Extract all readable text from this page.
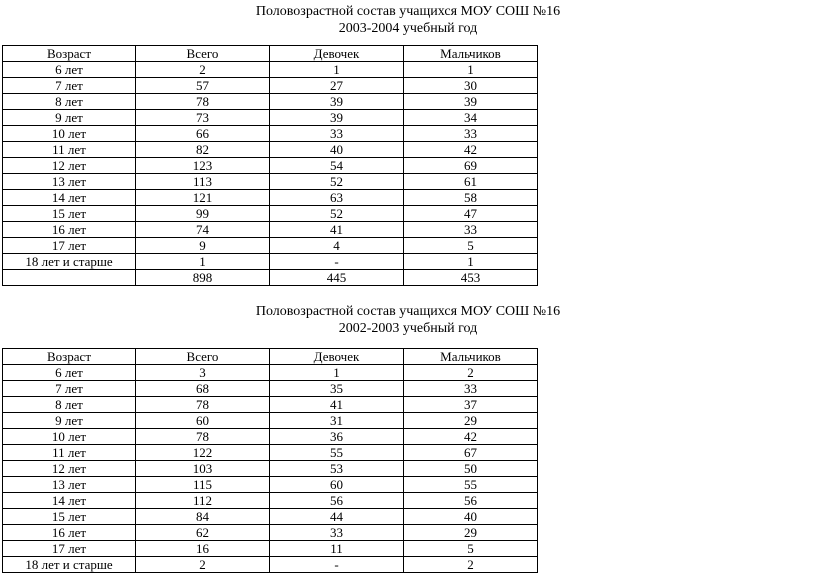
Половозрастной состав учащихся МОУ СОШ №16
2003-2004 учебный год
Возраст	Всего	Девочек	Мальчиков
6 лет	2	1	1
7 лет	57	27	30
8 лет	78	39	39
9 лет	73	39	34
10 лет	66	33	33
11 лет	82	40	42
12 лет	123	54	69
13 лет	113	52	61
14 лет	121	63	58
15 лет	99	52	47
16 лет	74	41	33
17 лет	9	4	5
18 лет и старше	1	-	1
	898	445	453
Половозрастной состав учащихся МОУ СОШ №16
2002-2003 учебный год
Возраст	Всего	Девочек	Мальчиков
6 лет	3	1	2
7 лет	68	35	33
8 лет	78	41	37
9 лет	60	31	29
10 лет	78	36	42
11 лет	122	55	67
12 лет	103	53	50
13 лет	115	60	55
14 лет	112	56	56
15 лет	84	44	40
16 лет	62	33	29
17 лет	16	11	5
18 лет и старше	2	-	2
